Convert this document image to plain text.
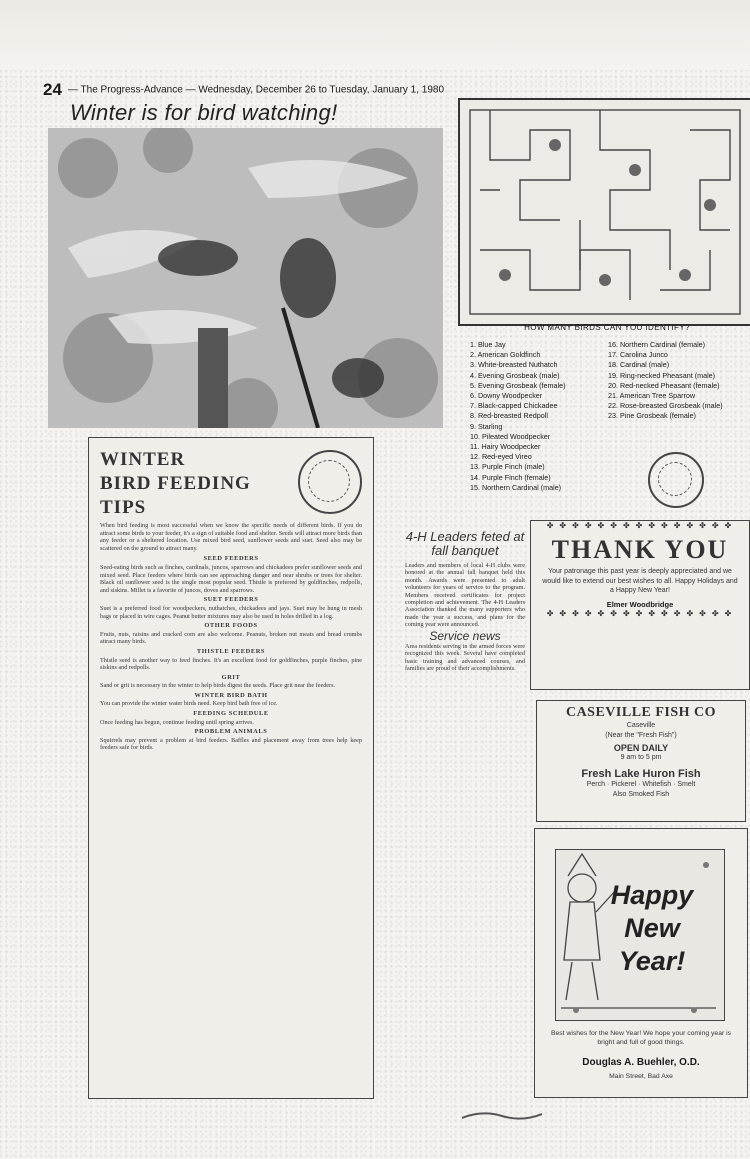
24 — The Progress-Advance — Wednesday, December 26 to Tuesday, January 1, 1980
Winter is for bird watching!
HOW MANY BIRDS CAN YOU IDENTIFY?
1. Blue Jay
2. American Goldfinch
3. White-breasted Nuthatch
4. Evening Grosbeak (male)
5. Evening Grosbeak (female)
6. Downy Woodpecker
7. Black-capped Chickadee
8. Red-breasted Redpoll
9. Starling
10. Pileated Woodpecker
11. Hairy Woodpecker
12. Red-eyed Vireo
13. Purple Finch (male)
14. Purple Finch (female)
15. Northern Cardinal (male)
16. Northern Cardinal (female)
17. Carolina Junco
18. Cardinal (male)
19. Ring-necked Pheasant (male)
20. Red-necked Pheasant (female)
21. American Tree Sparrow
22. Rose-breasted Grosbeak (male)
23. Pine Grosbeak (female)
WINTER
BIRD FEEDING
TIPS

When bird feeding is most successful when we know the specific needs of different birds. If you do attract some birds to your feeder, it's a sign of suitable food and shelter. Seeds will attract more birds than any feeder or a sheltered location. Use mixed bird seed, sunflower seeds and suet. Seed also may be scattered on the ground to attract many.

SEED FEEDERS

Seed-eating birds such as finches, cardinals, juncos, sparrows and chickadees prefer sunflower seeds and mixed seed. Place feeders where birds can see approaching danger and near shrubs or trees for shelter. Black oil sunflower seed is the single most popular seed. Thistle is preferred by goldfinches, redpolls, and siskins. Millet is a favorite of juncos, doves and sparrows.

SUET FEEDERS

Suet is a preferred food for woodpeckers, nuthatches, chickadees and jays. Suet may be hung in mesh bags or placed in wire cages. Peanut butter mixtures may also be used in holes drilled in a log.

OTHER FOODS

Fruits, nuts, raisins and cracked corn are also welcome. Peanuts, broken nut meats and bread crumbs attract many birds.

THISTLE FEEDERS

Thistle seed is another way to feed finches. It's an excellent food for goldfinches, purple finches, pine siskins and redpolls.

GRIT

Sand or grit is necessary in the winter to help birds digest the seeds. Place grit near the feeders.

WINTER BIRD BATH

You can provide the winter water birds need. Keep bird bath free of ice.

FEEDING SCHEDULE

Once feeding has begun, continue feeding until spring arrives.

PROBLEM ANIMALS

Squirrels may prevent a problem at bird feeders. Baffles and placement away from trees help keep feeders safe for birds.

4-H Leaders feted at fall banquet
Leaders and members of local 4-H clubs were honored at the annual fall banquet held this month. Awards were presented to adult volunteers for years of service to the program. Members received certificates for project completion and achievement. The 4-H Leaders Association thanked the many supporters who made the year a success, and plans for the coming year were announced.
Service news
Area residents serving in the armed forces were recognized this week. Several have completed basic training and advanced courses, and families are proud of their accomplishments.
✤ ✤ ✤ ✤ ✤ ✤ ✤ ✤ ✤ ✤ ✤ ✤ ✤ ✤ ✤
THANK YOU
Your patronage this past year is deeply appreciated and we would like to extend our best wishes to all. Happy Holidays and a Happy New Year!
Elmer Woodbridge
✤ ✤ ✤ ✤ ✤ ✤ ✤ ✤ ✤ ✤ ✤ ✤ ✤ ✤ ✤
CASEVILLE FISH CO
Caseville
(Near the "Fresh Fish")
OPEN DAILY
9 am to 5 pm
Fresh Lake Huron Fish
Perch · Pickerel · Whitefish · Smelt
Also Smoked Fish
Happy
New
Year!
Best wishes for the New Year! We hope your coming year is bright and full of good things.
Douglas A. Buehler, O.D.
Main Street, Bad Axe
